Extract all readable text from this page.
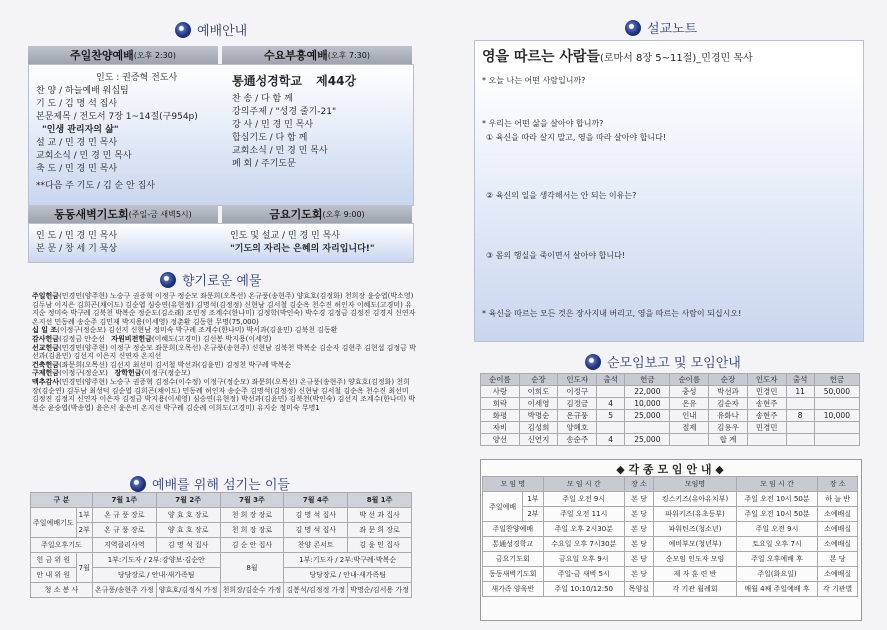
예배안내
주일찬양예배 (오후 2:30)	수요부흥예배 (오후 7:30)
인도 : 권증혁 전도사
찬 양 / 하늘예배 워십팀
기 도 / 김 명 석 집사
본문제목 / 전도서 7장 1~14절(구954p)
"인생 관리자의 삶"
설 교 / 민 경 민 목사
교회소식 / 민 경 민 목사
축 도 / 민 경 민 목사
**다음 주 기도 / 김 순 안 집사
통通성경학교 제44강
찬 송 / 다 함 께
강의주제 / "성경 줄기-21"
강 사 / 민 경 민 목사
합심기도 / 다 함 께
교회소식 / 민 경 민 목사
폐 회 / 주기도문
동동새벽기도회 (주일-금 새벽5시)	금요기도회 (오후 9:00)
인 도 / 민 경 민 목사
본 문 / 창 세 기 묵상
인도 및 설교 / 민 경 민 목사
"기도의 자리는 은혜의 자리입니다!"
향기로운 예물
주일헌금(민경민(양주현) 노승구 권증혁 이정구 정순모 좌문희(오목선) 온규풍(송현주) 양효호(김정화) 천희장 윤승엽(박소영) 김두남 이지은 김희곤(채이도) 김순엽 심승연(유현정) 김명석(김정정) 신현남 김서철 김순옥 천수진 허인자 이혜도(고경미) 유지순 정미숙 박구례 김북천 박복순 정순도(김소래) 조민정 조계수(한나미) 김정학(박인숙) 박수경 김정금 김정진 김경지 신연자 온지선 민동례 송순주 김민재 박지용(이세영) 정춘환 김동현 무명(75,000)
십 일 조(이정구(정순모) 김선지 신현남 정미숙 박구례 조계수(한나미) 박서과(김윤민) 김북천 김동환
감사헌금(김정금 안순선 자원비전헌금(이혜도(고경미) 김선봉 박지용(이세영)
선교헌금(민경민(양주현) 이정구 정순모 좌문희(오목선) 온규풍(송현주) 신현남 김북천 박복순 김순자 김현주 김현섭 김정금 박선과(김윤민) 김선지 이은지 신연자 온지선
건축헌금(좌문희(오목선) 김선지 최선미 김서철 박선과(김윤민) 김정천 박구례 박복순
구제헌금(이정구(정순모) 장학헌금(이정구(정순모)
맥추감사(민경민(양주현) 노승구 권증혁 김정수(이수정) 이정구(정순모) 좌문희(오목선) 온규풍(송현주) 양효호(김정화) 천희장(김순연) 김두남 최성덕 김순엽 김희곤(채이도) 민동례 허인자 송순주 김명석(김정정) 신현남 김서철 김순옥 천수진 최선미 김정진 김정지 신연자 이은자 김정금 박지용(이세영) 심승연(유현정) 박선과(김윤민) 김북천(박인숙) 김선지 조계수(한나미) 박복순 윤승엽(박송엽) 윤은서 윤은비 온지선 박구례 김순례 이희도(고경미) 유지순 정미숙 무명1
예배를 위해 섬기는 이들
구 분		7월 1주	7월 2주	7월 3주	7월 4주	8월 1주
주일예배기도	1부	온 규 풍 장로	양 효 호 장로	천 희 장 장로	김 명 석 집사	박 선 과 집사
	2부	온 규 풍 장로	양 효 호 장로	천 희 장 장로	김 명 석 집사	좌 문 희 장로
주일오후기도		지역클리사역	김 명 석 집사	김 순 안 집사	찬양 콘서트	김 윤 민 집사
헌 금 위 원	7월	1부:기도자 / 2부:강양보·김순안		8월	1부:기도자 / 2부:박구례·박복순	
안 내 위 원		당당장로 / 안내·새가족팀			당당장로 / 안내·새가족팀	
청 소 봉 사		온규풍/송현주 가정	양효호/김정식 가정	천희장/김순수 가정	김봉석/김정정 가정	박명순/김서용 가정
설교노트
영을 따르는 사람들(로마서 8장 5~11절)_민경민 목사
* 오늘 나는 어떤 사람입니까?
* 우리는 어떤 삶을 살아야 합니까?
① 육신을 따라 살지 말고, 영을 따라 살아야 합니다!
② 육신의 일을 생각해서는 안 되는 이유는?
③ 몸의 행실을 죽이면서 살아야 합니다!
* 육신을 따르는 모든 것은 장사지내 버리고, 영을 따르는 사람이 되십시오!
순모임보고 및 모임안내
순이름	순장	인도자	출석	헌금	순이름	순장	인도자	출석	헌금
사랑	이희도	이정구		22,000	충성	박선과	민경민	11	50,000
희락	이세영	김정금	4	10,000	온유	김순자	송현주		
화평	박명순	온규풍	5	25,000	인내	유화나	송현주	8	10,000
자비	김성희	양혜호			절제	김용우	민경민		
양선	신연지	송순주	4	25,000		합 계			
◆ 각 종 모 임 안 내 ◆
모 임 명		모 임 시 간	장 소	모임명	모 임 시 간	장 소
주일예배	1부	주일 오전 9시	본 당	킹스키즈(유아유치부)	주일 오전 10시 50분	하 늘 반
	2부	주일 오전 11시	본 당	파워키즈(유초등부)	주일 오전 10시 50분	소예배실
주일찬양예배		주일 오후 2시30분	본 당	파워틴즈(청소년)	주일 오전 9시	소예배실
통通성경학교		수요일 오후 7시30분	본 당	예비부모(청년부)	토요일 오후 7시	소예배실
금요기도회		금요일 오후 9시	본 당	순모임 인도자 모임	주일 오후예배 후	본 당
동동새벽기도회		주일-금 새벽 5시	본 당	제 자 훈 련 반	주일(화요일)	소예배실
새가족 양육반		주일 10:10/12:50	목양실	각 기관 월례회	매월 4째 주일예배 후	각 기관별
